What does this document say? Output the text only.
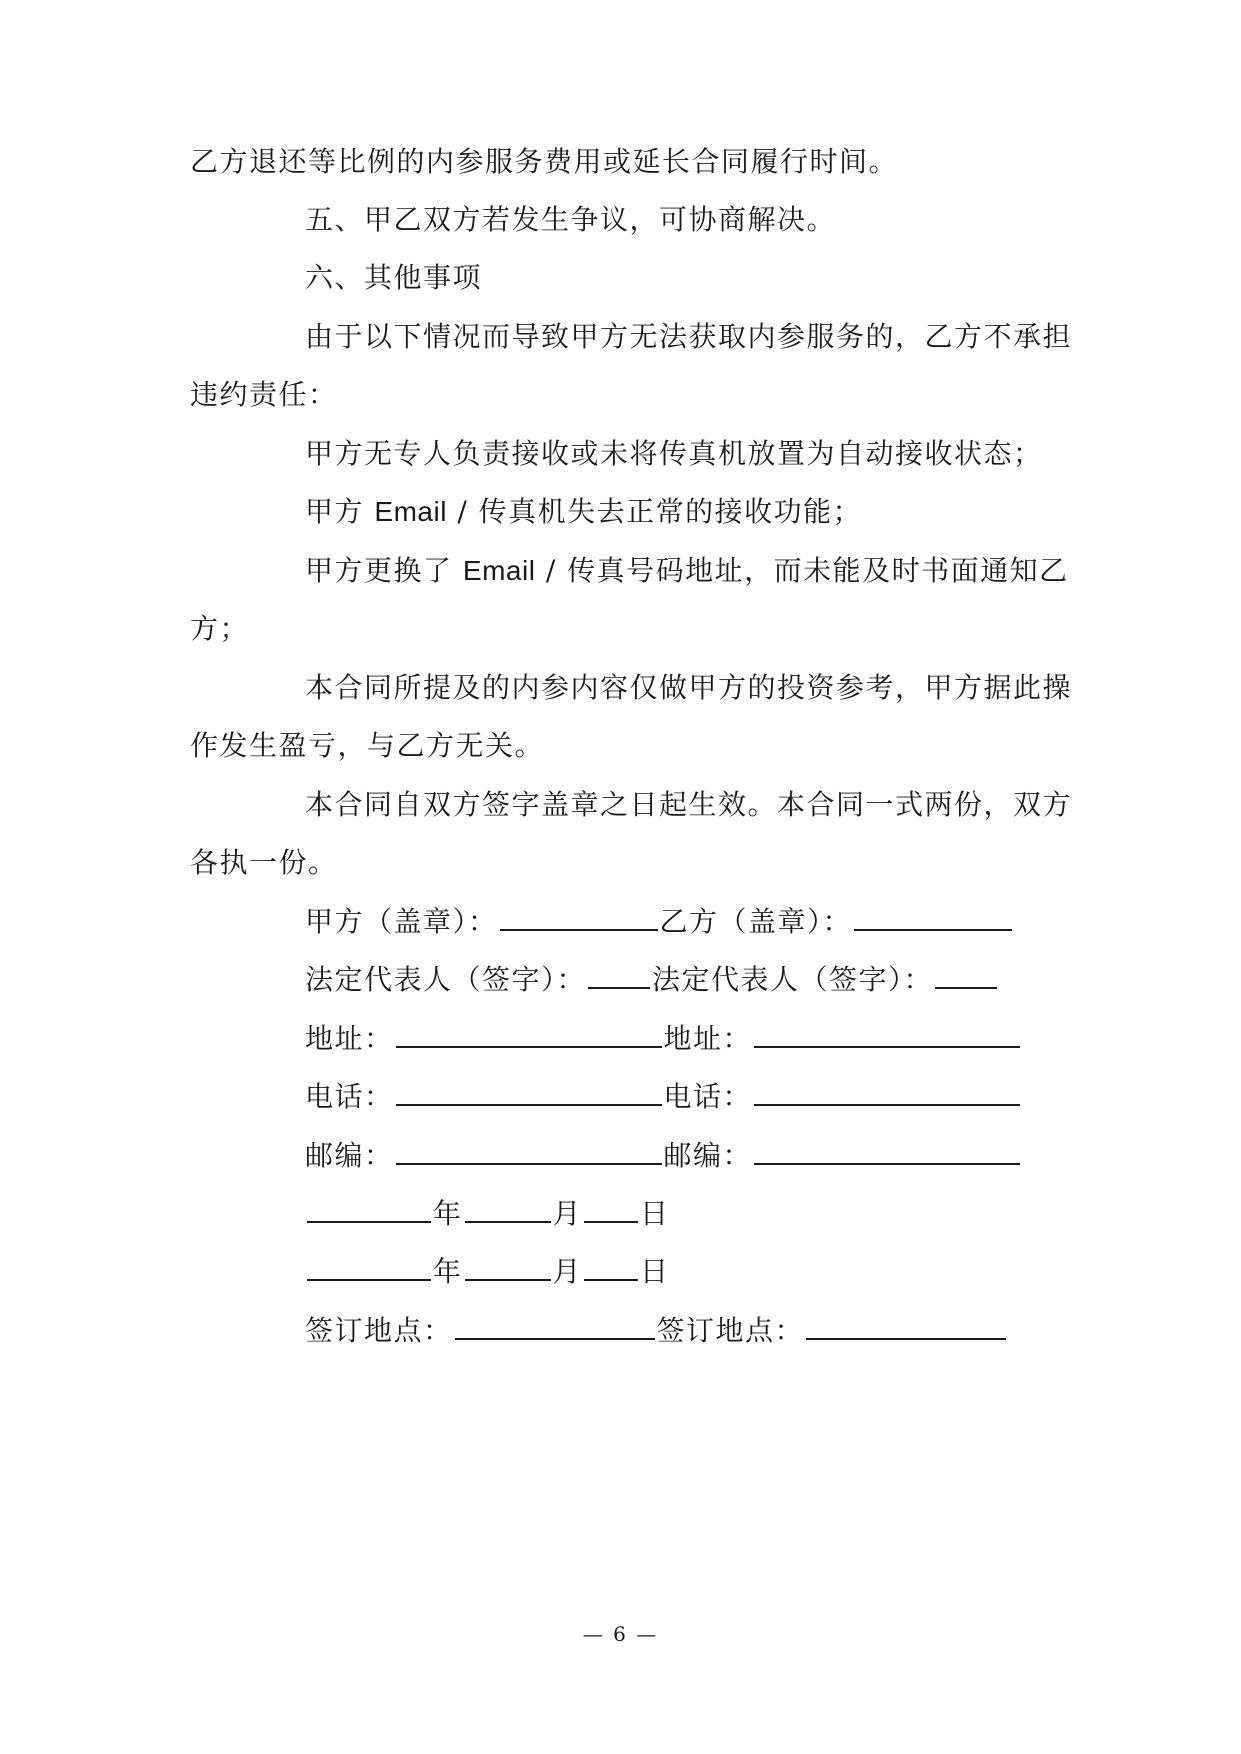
乙方退还等比例的内参服务费用或延长合同履行时间。
五、甲乙双方若发生争议，可协商解决。
六、其他事项
由于以下情况而导致甲方无法获取内参服务的，乙方不承担
违约责任：
甲方无专人负责接收或未将传真机放置为自动接收状态；
甲方 Email / 传真机失去正常的接收功能；
甲方更换了 Email / 传真号码地址，而未能及时书面通知乙
方；
本合同所提及的内参内容仅做甲方的投资参考，甲方据此操
作发生盈亏，与乙方无关。
本合同自双方签字盖章之日起生效。本合同一式两份，双方
各执一份。
甲方（盖章）：	乙方（盖章）：
法定代表人（签字）： 法定代表人（签字）：
地址：	地址：
电话：	电话：
邮编：	邮编：
年	月 日
年	月 日
签订地点：	签订地点：
— 6 —
